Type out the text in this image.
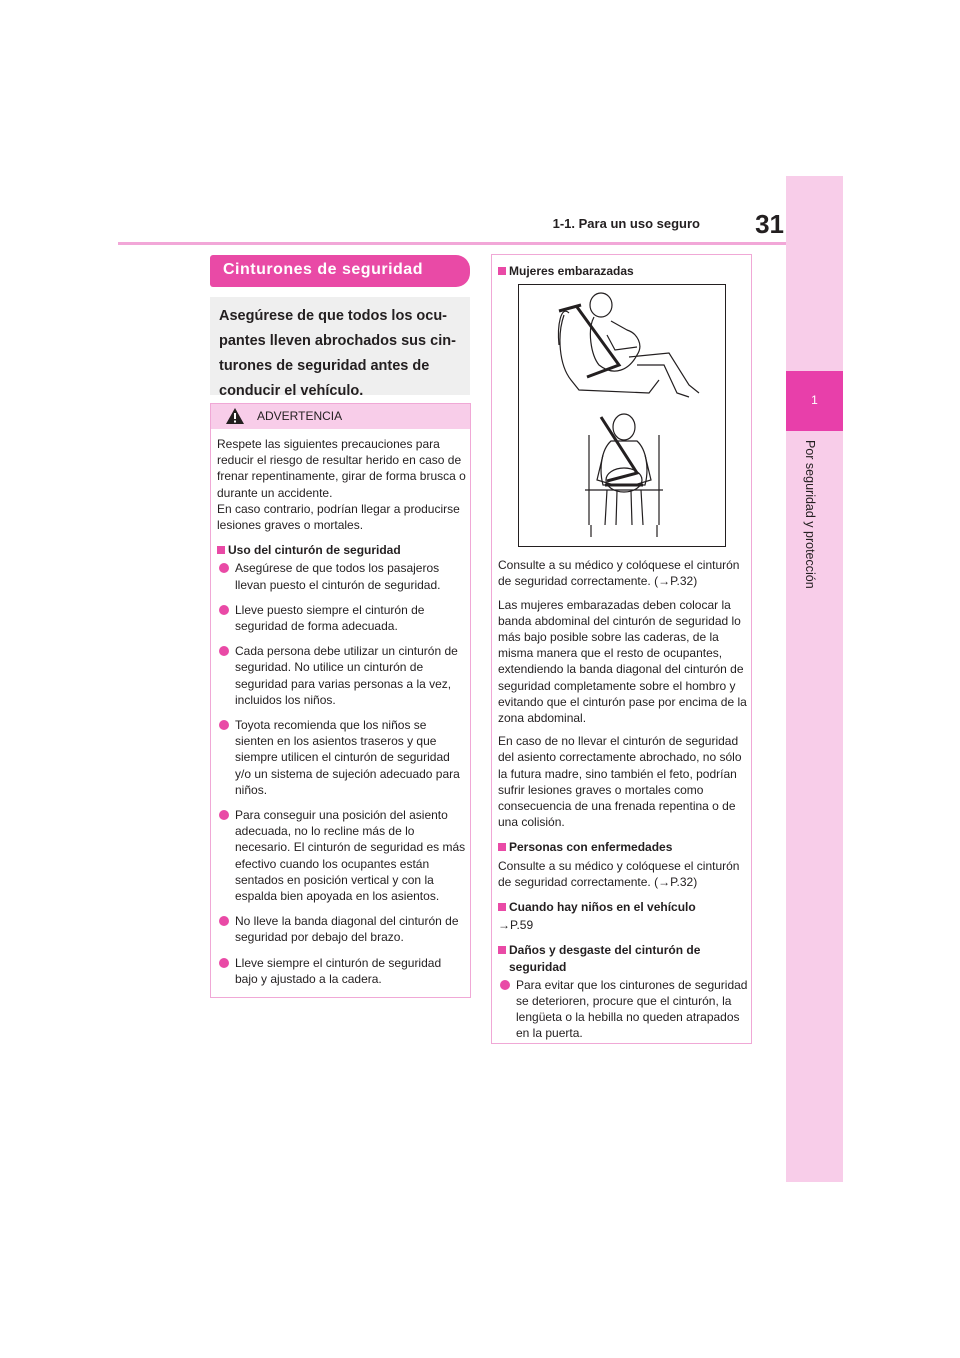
1-1. Para un uso seguro	31
1
Por seguridad y protección
Cinturones de seguridad
Asegúrese de que todos los ocu-
pantes lleven abrochados sus cin-
turones de seguridad antes de
conducir el vehículo.
ADVERTENCIA
Respete las siguientes precauciones para reducir el riesgo de resultar herido en caso de frenar repentinamente, girar de forma brusca o durante un accidente.
En caso contrario, podrían llegar a producirse lesiones graves o mortales.
Uso del cinturón de seguridad
Asegúrese de que todos los pasajeros llevan puesto el cinturón de seguridad.
Lleve puesto siempre el cinturón de seguridad de forma adecuada.
Cada persona debe utilizar un cinturón de seguridad. No utilice un cinturón de seguridad para varias personas a la vez, incluidos los niños.
Toyota recomienda que los niños se sienten en los asientos traseros y que siempre utilicen el cinturón de seguridad y/o un sistema de sujeción adecuado para niños.
Para conseguir una posición del asiento adecuada, no lo recline más de lo necesario. El cinturón de seguridad es más efectivo cuando los ocupantes están sentados en posición vertical y con la espalda bien apoyada en los asientos.
No lleve la banda diagonal del cinturón de seguridad por debajo del brazo.
Lleve siempre el cinturón de seguridad bajo y ajustado a la cadera.
Mujeres embarazadas
Consulte a su médico y colóquese el cinturón de seguridad correctamente. (→P.32)
Las mujeres embarazadas deben colocar la banda abdominal del cinturón de seguridad lo más bajo posible sobre las caderas, de la misma manera que el resto de ocupantes, extendiendo la banda diagonal del cinturón de seguridad completamente sobre el hombro y evitando que el cinturón pase por encima de la zona abdominal.
En caso de no llevar el cinturón de seguridad del asiento correctamente abrochado, no sólo la futura madre, sino también el feto, podrían sufrir lesiones graves o mortales como consecuencia de una frenada repentina o de una colisión.
Personas con enfermedades
Consulte a su médico y colóquese el cinturón de seguridad correctamente. (→P.32)
Cuando hay niños en el vehículo
→P.59
Daños y desgaste del cinturón de seguridad
Para evitar que los cinturones de seguridad se deterioren, procure que el cinturón, la lengüeta o la hebilla no queden atrapados en la puerta.
